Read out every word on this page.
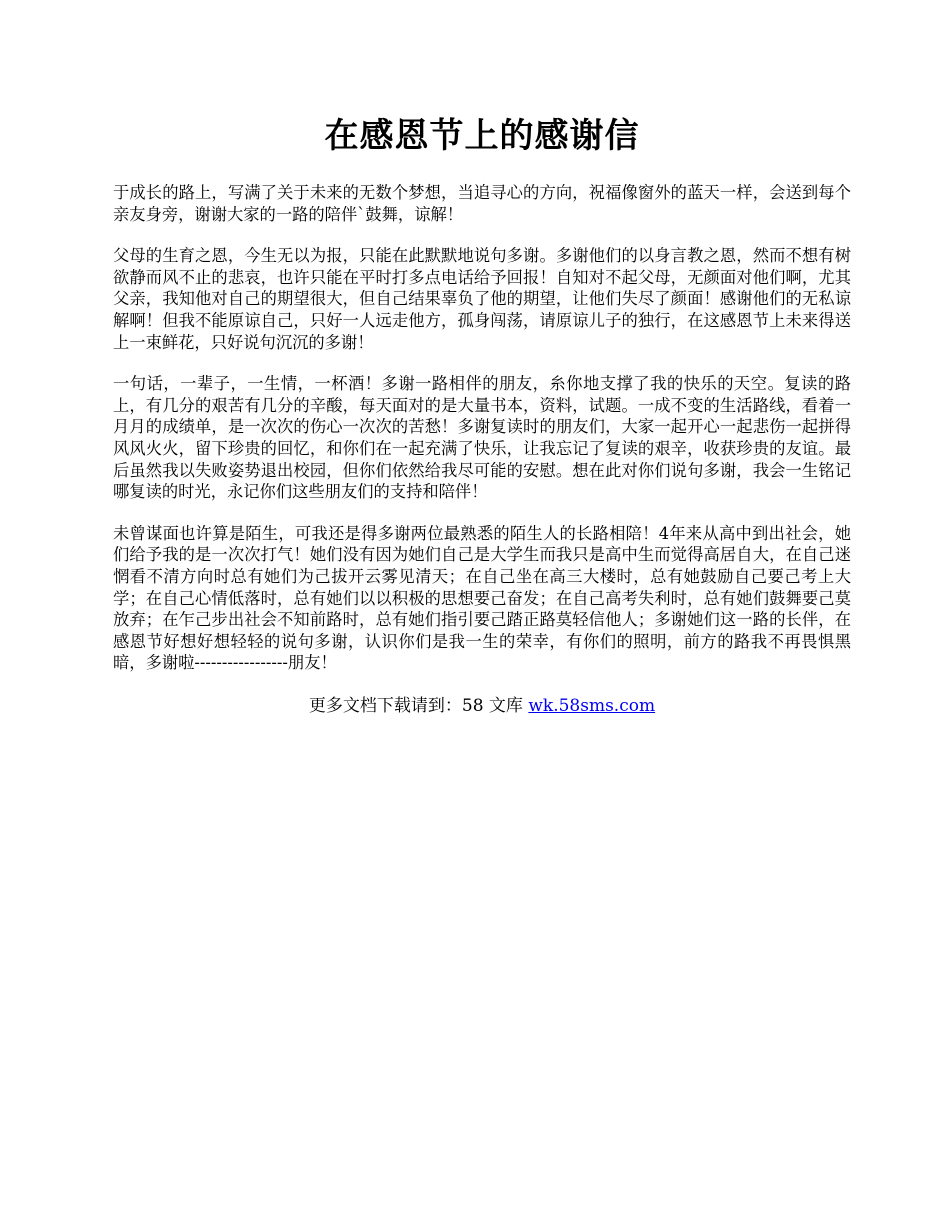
在感恩节上的感谢信

于成长的路上，写满了关于未来的无数个梦想，当追寻心的方向，祝福像窗外的蓝天一样，会送到每个亲友身旁，谢谢大家的一路的陪伴`鼓舞，谅解！

父母的生育之恩，今生无以为报，只能在此默默地说句多谢。多谢他们的以身言教之恩，然而不想有树欲静而风不止的悲哀，也许只能在平时打多点电话给予回报！自知对不起父母，无颜面对他们啊，尤其父亲，我知他对自己的期望很大，但自己结果辜负了他的期望，让他们失尽了颜面！感谢他们的无私谅解啊！但我不能原谅自己，只好一人远走他方，孤身闯荡，请原谅儿子的独行，在这感恩节上未来得送上一束鲜花，只好说句沉沉的多谢！

一句话，一辈子，一生情，一杯酒！多谢一路相伴的朋友，糸你地支撑了我的快乐的天空。复读的路上，有几分的艰苦有几分的辛酸，每天面对的是大量书本，资料，试题。一成不变的生活路线，看着一月月的成绩单，是一次次的伤心一次次的苦愁！多谢复读时的朋友们，大家一起开心一起悲伤一起拼得风风火火，留下珍贵的回忆，和你们在一起充满了快乐，让我忘记了复读的艰辛，收获珍贵的友谊。最后虽然我以失败姿势退出校园，但你们依然给我尽可能的安慰。想在此对你们说句多谢，我会一生铭记哪复读的时光，永记你们这些朋友们的支持和陪伴！

未曾谋面也许算是陌生，可我还是得多谢两位最熟悉的陌生人的长路相陪！4年来从高中到出社会，她们给予我的是一次次打气！她们没有因为她们自己是大学生而我只是高中生而觉得高居自大，在自己迷惘看不清方向时总有她们为己拔开云雾见清天；在自己坐在高三大楼时，总有她鼓励自己要己考上大学；在自己心情低落时，总有她们以以积极的思想要己奋发；在自己高考失利时，总有她们鼓舞要己莫放弃；在乍己步出社会不知前路时，总有她们指引要己踏正路莫轻信他人；多谢她们这一路的长伴，在感恩节好想好想轻轻的说句多谢，认识你们是我一生的荣幸，有你们的照明，前方的路我不再畏惧黑暗，多谢啦-----------------朋友！

更多文档下载请到：58 文库 wk.58sms.com
